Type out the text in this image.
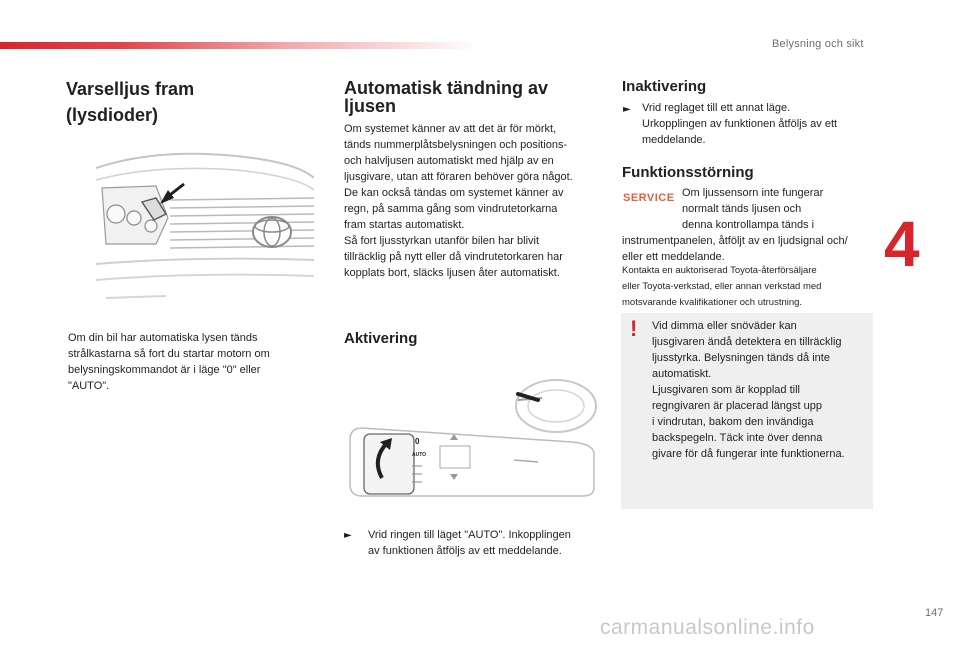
Belysning och sikt
4
Varselljus fram
(lysdioder)
Om din bil har automatiska lysen tänds
strålkastarna så fort du startar motorn om
belysningskommandot är i läge "0" eller
"AUTO".
Automatisk tändning av
ljusen
Om systemet känner av att det är för mörkt,
tänds nummerplåtsbelysningen och positions-
och halvljusen automatiskt med hjälp av en
ljusgivare, utan att föraren behöver göra något.
De kan också tändas om systemet känner av
regn, på samma gång som vindrutetorkarna
fram startas automatiskt.
Så fort ljusstyrkan utanför bilen har blivit
tillräcklig på nytt eller då vindrutetorkaren har
kopplats bort, släcks ljusen åter automatiskt.
Aktivering
0
AUTO
► Vrid ringen till läget "AUTO". Inkopplingen
av funktionen åtföljs av ett meddelande.
Inaktivering
► Vrid reglaget till ett annat läge.
Urkopplingen av funktionen åtföljs av ett
meddelande.
Funktionsstörning
SERVICE Om ljussensorn inte fungerar
normalt tänds ljusen och
denna kontrollampa tänds i
instrumentpanelen, åtföljt av en ljudsignal och/
eller ett meddelande.
Kontakta en auktoriserad Toyota-återförsäljare
eller Toyota-verkstad, eller annan verkstad med
motsvarande kvalifikationer och utrustning.
! Vid dimma eller snöväder kan
ljusgivaren ändå detektera en tillräcklig
ljusstyrka. Belysningen tänds då inte
automatiskt.
Ljusgivaren som är kopplad till
regngivaren är placerad längst upp
i vindrutan, bakom den invändiga
backspegeln. Täck inte över denna
givare för då fungerar inte funktionerna.
147
carmanualsonline.info
